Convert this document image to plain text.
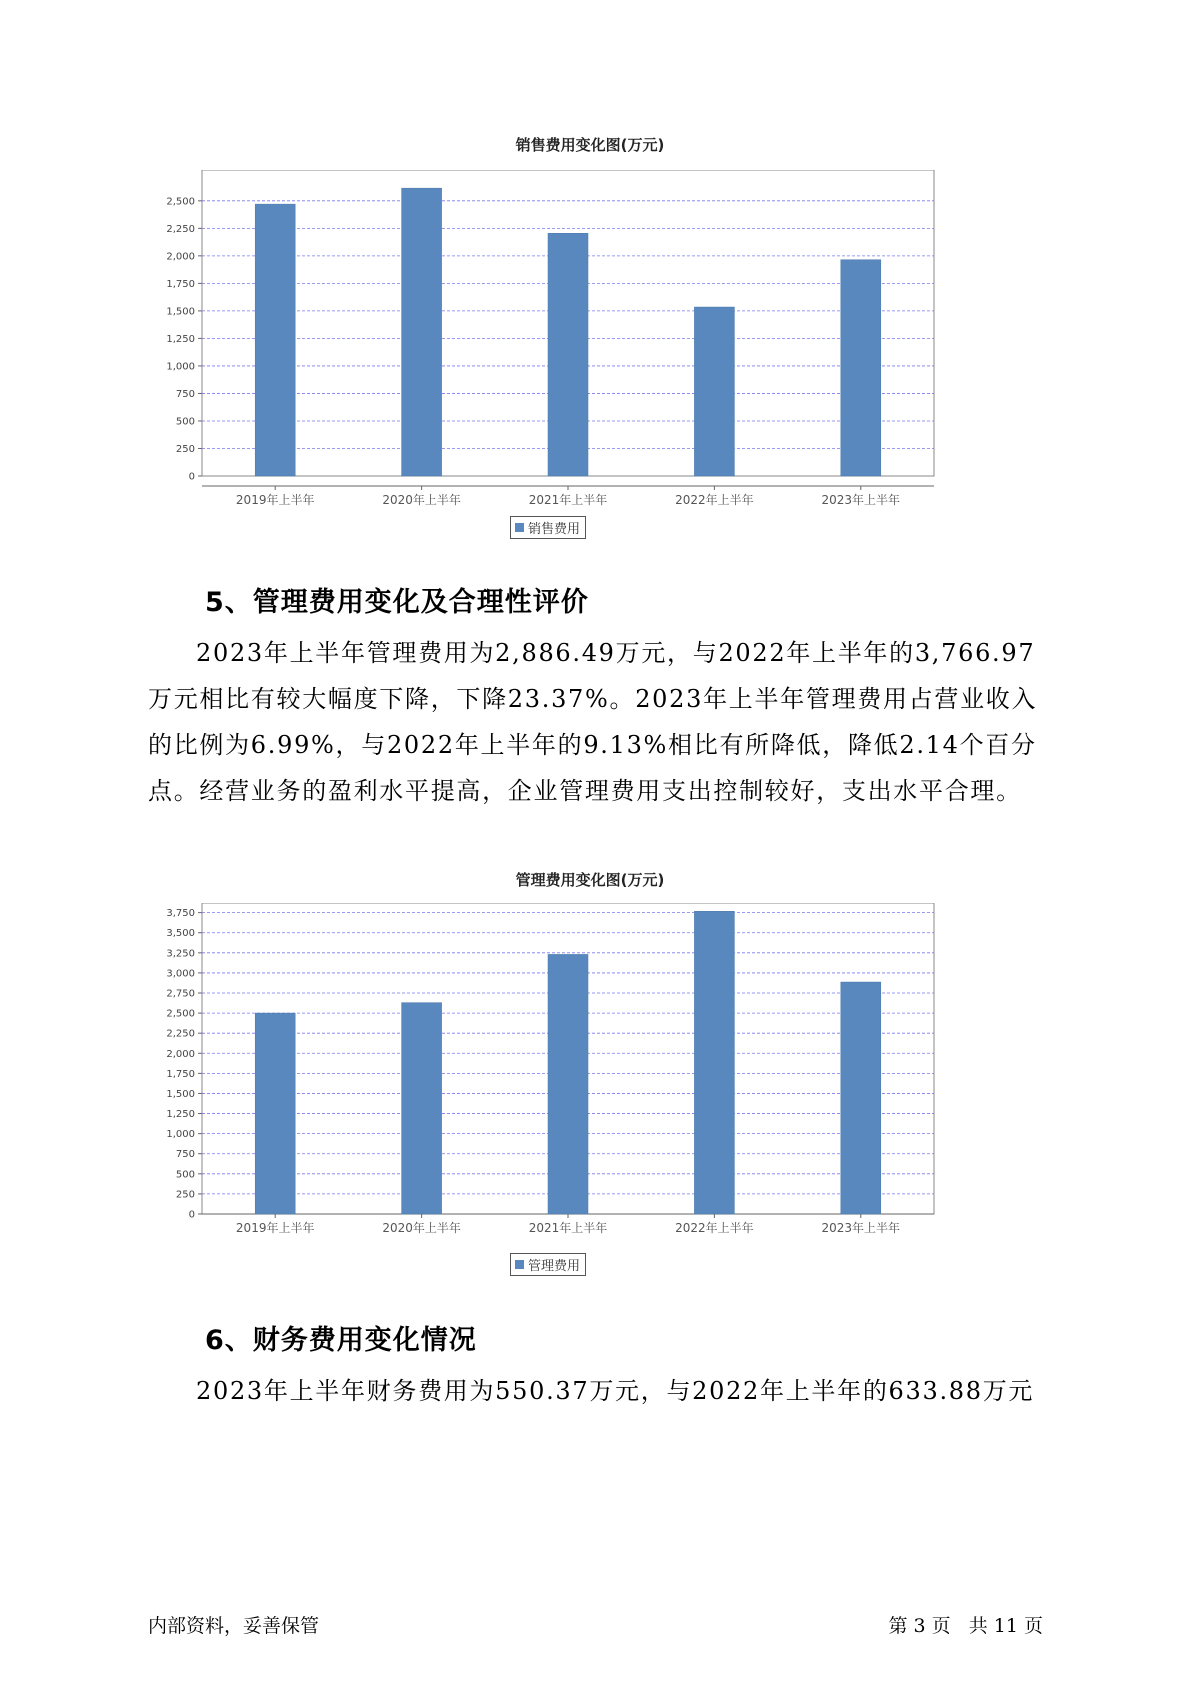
销售费用变化图(万元)
0
250
500
750
1,000
1,250
1,500
1,750
2,000
2,250
2,500
2019年上半年	2020年上半年	2021年上半年	2022年上半年	2023年上半年
销售费用
5、管理费用变化及合理性评价

2023年上半年管理费用为2,886.49万元，与2022年上半年的3,766.97万元相比有较大幅度下降，下降23.37%。2023年上半年管理费用占营业收入的比例为6.99%，与2022年上半年的9.13%相比有所降低，降低2.14个百分点。经营业务的盈利水平提高，企业管理费用支出控制较好，支出水平合理。

管理费用变化图(万元)
0
250
500
750
1,000
1,250
1,500
1,750
2,000
2,250
2,500
2,750
3,000
3,250
3,500
3,750
2019年上半年	2020年上半年	2021年上半年	2022年上半年	2023年上半年
管理费用
6、财务费用变化情况

2023年上半年财务费用为550.37万元，与2022年上半年的633.88万元

内部资料，妥善保管	第 3 页   共 11 页
